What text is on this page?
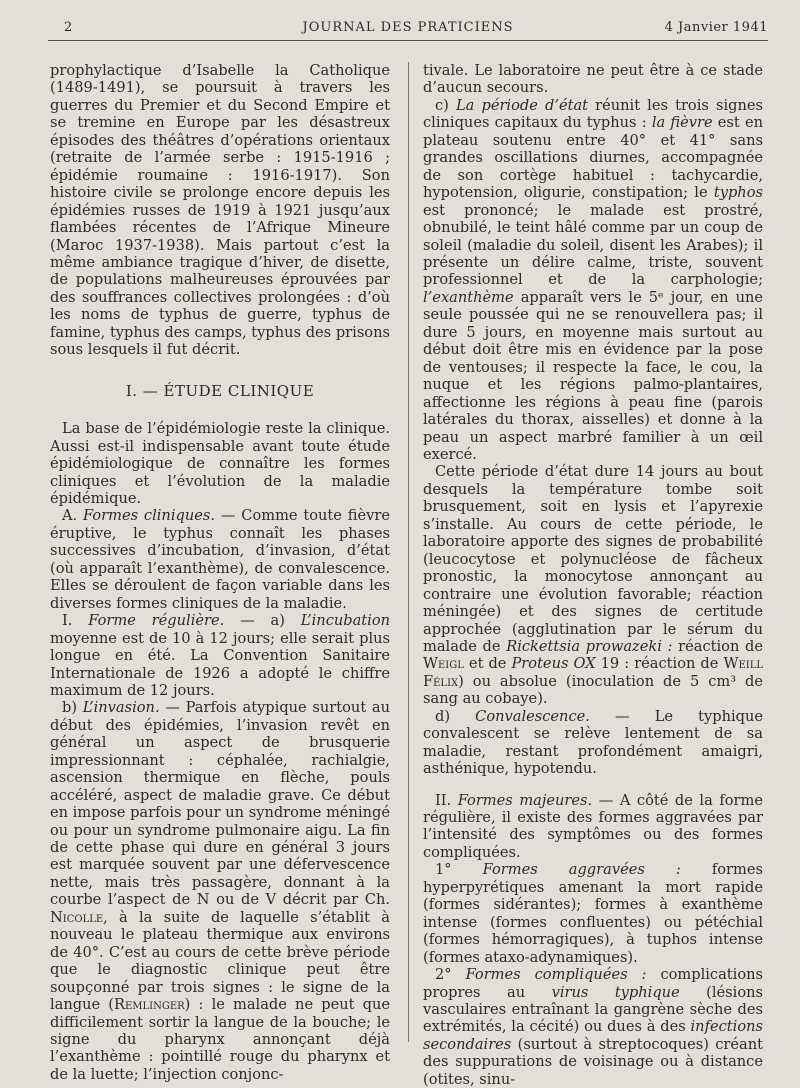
2	JOURNAL DES PRATICIENS	4 Janvier 1941

prophylactique d’Isabelle la Catholique (1489-1491), se poursuit à travers les guerres du Premier et du Second Empire et se tremine en Europe par les désastreux épisodes des théâtres d’opérations orientaux (retraite de l’armée serbe : 1915-1916 ; épidémie roumaine : 1916-1917). Son histoire civile se prolonge encore depuis les épidémies russes de 1919 à 1921 jusqu’aux flambées récentes de l’Afrique Mineure (Maroc 1937-1938). Mais partout c’est la même ambiance tragique d’hiver, de disette, de populations malheureuses éprouvées par des souffrances collectives prolongées : d’où les noms de typhus de guerre, typhus de famine, typhus des camps, typhus des prisons sous lesquels il fut décrit.

I. — ÉTUDE CLINIQUE

La base de l’épidémiologie reste la clinique. Aussi est-il indispensable avant toute étude épidémiologique de connaître les formes cliniques et l’évolution de la maladie épidémique.

A. Formes cliniques. — Comme toute fièvre éruptive, le typhus connaît les phases successives d’incubation, d’invasion, d’état (où apparaît l’exanthème), de convalescence. Elles se déroulent de façon variable dans les diverses formes cliniques de la maladie.

I. Forme régulière. — a) L’incubation moyenne est de 10 à 12 jours; elle serait plus longue en été. La Convention Sanitaire Internationale de 1926 a adopté le chiffre maximum de 12 jours.

b) L’invasion. — Parfois atypique surtout au début des épidémies, l’invasion revêt en général un aspect de brusquerie impressionnant : céphalée, rachialgie, ascension thermique en flèche, pouls accéléré, aspect de maladie grave. Ce début en impose parfois pour un syndrome méningé ou pour un syndrome pulmonaire aigu. La fin de cette phase qui dure en général 3 jours est marquée souvent par une défervescence nette, mais très passagère, donnant à la courbe l’aspect de N ou de V décrit par Ch. Nicolle, à la suite de laquelle s’établit à nouveau le plateau thermique aux environs de 40°. C’est au cours de cette brève période que le diagnostic clinique peut être soupçonné par trois signes : le signe de la langue (Remlinger) : le malade ne peut que difficilement sortir la langue de la bouche; le signe du pharynx annonçant déjà l’exanthème : pointillé rouge du pharynx et de la luette; l’injection conjonc-

tivale. Le laboratoire ne peut être à ce stade d’aucun secours.

c) La période d’état réunit les trois signes cliniques capitaux du typhus : la fièvre est en plateau soutenu entre 40° et 41° sans grandes oscillations diurnes, accompagnée de son cortège habituel : tachycardie, hypotension, oligurie, constipation; le typhos est prononcé; le malade est prostré, obnubilé, le teint hâlé comme par un coup de soleil (maladie du soleil, disent les Arabes); il présente un délire calme, triste, souvent professionnel et de la carphologie; l’exanthème apparaît vers le 5ᵉ jour, en une seule poussée qui ne se renouvellera pas; il dure 5 jours, en moyenne mais surtout au début doit être mis en évidence par la pose de ventouses; il respecte la face, le cou, la nuque et les régions palmo-plantaires, affectionne les régions à peau fine (parois latérales du thorax, aisselles) et donne à la peau un aspect marbré familier à un œil exercé.

Cette période d’état dure 14 jours au bout desquels la température tombe soit brusquement, soit en lysis et l’apyrexie s’installe. Au cours de cette période, le laboratoire apporte des signes de probabilité (leucocytose et polynucléose de fâcheux pronostic, la monocytose annonçant au contraire une évolution favorable; réaction méningée) et des signes de certitude approchée (agglutination par le sérum du malade de Rickettsia prowazeki : réaction de Weigl et de Proteus OX 19 : réaction de Weill Félix) ou absolue (inoculation de 5 cm³ de sang au cobaye).

d) Convalescence. — Le typhique convalescent se relève lentement de sa maladie, restant profondément amaigri, asthénique, hypotendu.

II. Formes majeures. — A côté de la forme régulière, il existe des formes aggravées par l’intensité des symptômes ou des formes compliquées.

1° Formes aggravées : formes hyperpyrétiques amenant la mort rapide (formes sidérantes); formes à exanthème intense (formes confluentes) ou pétéchial (formes hémorragiques), à tuphos intense (formes ataxo-adynamiques).

2° Formes compliquées : complications propres au virus typhique (lésions vasculaires entraînant la gangrène sèche des extrémités, la cécité) ou dues à des infections secondaires (surtout à streptocoques) créant des suppurations de voisinage ou à distance (otites, sinu-
